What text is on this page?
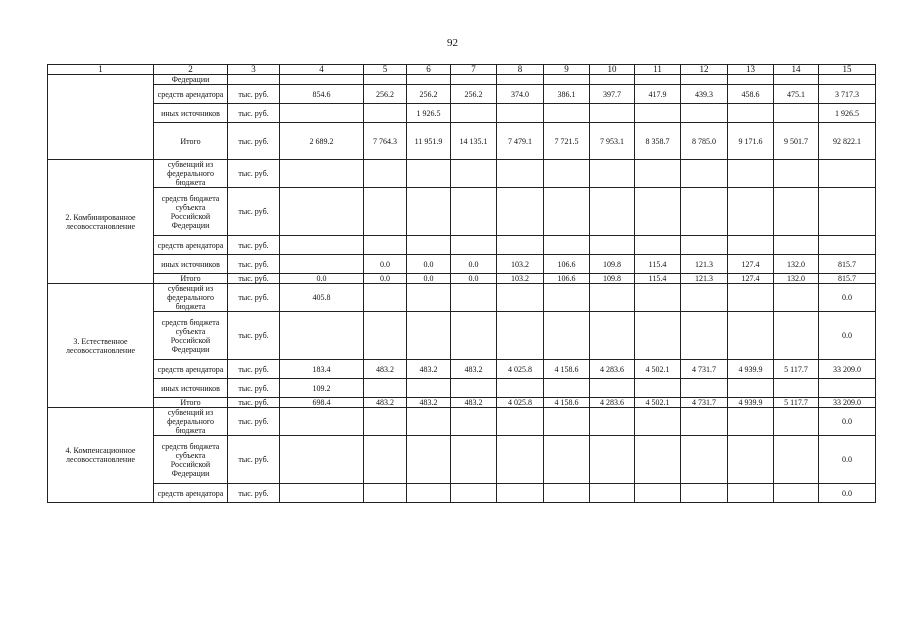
92
1	2	3	4	5	6	7	8	9	10	11	12	13	14	15
	Федерации													
	средств арендатора	тыс. руб.	854.6	256.2	256.2	256.2	374.0	386.1	397.7	417.9	439.3	458.6	475.1	3 717.3
	иных источников	тыс. руб.			1 926.5									1 926.5
	Итого	тыс. руб.	2 689.2	7 764.3	11 951.9	14 135.1	7 479.1	7 721.5	7 953.1	8 358.7	8 785.0	9 171.6	9 501.7	92 822.1
2. Комбинированное лесовосстановление	субвенций из федерального бюджета	тыс. руб.												
	средств бюджета субъекта Российской Федерации	тыс. руб.												
	средств арендатора	тыс. руб.												
	иных источников	тыс. руб.		0.0	0.0	0.0	103.2	106.6	109.8	115.4	121.3	127.4	132.0	815.7
	Итого	тыс. руб.	0.0	0.0	0.0	0.0	103.2	106.6	109.8	115.4	121.3	127.4	132.0	815.7
3. Естественное лесовосстановление	субвенций из федерального бюджета	тыс. руб.	405.8											0.0
	средств бюджета субъекта Российской Федерации	тыс. руб.												0.0
	средств арендатора	тыс. руб.	183.4	483.2	483.2	483.2	4 025.8	4 158.6	4 283.6	4 502.1	4 731.7	4 939.9	5 117.7	33 209.0
	иных источников	тыс. руб.	109.2											
	Итого	тыс. руб.	698.4	483.2	483.2	483.2	4 025.8	4 158.6	4 283.6	4 502.1	4 731.7	4 939.9	5 117.7	33 209.0
4. Компенсационное лесовосстановление	субвенций из федерального бюджета	тыс. руб.												0.0
	средств бюджета субъекта Российской Федерации	тыс. руб.												0.0
	средств арендатора	тыс. руб.												0.0
